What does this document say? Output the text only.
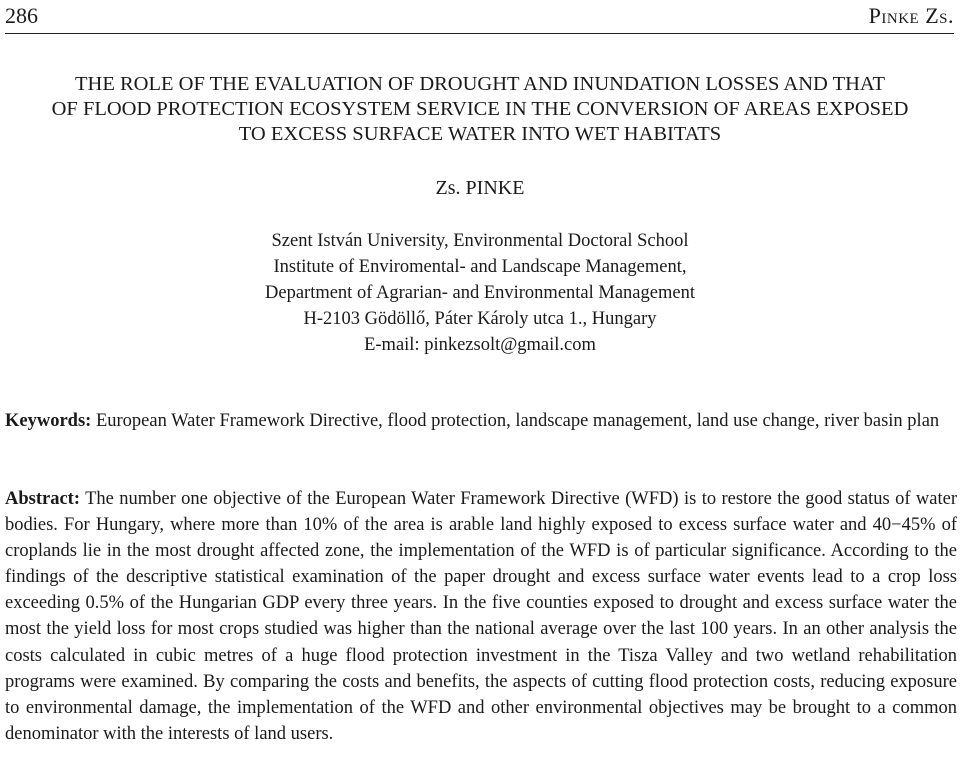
286	Pinke Zs.
THE ROLE OF THE EVALUATION OF DROUGHT AND INUNDATION LOSSES AND THAT
OF FLOOD PROTECTION ECOSYSTEM SERVICE IN THE CONVERSION OF AREAS EXPOSED
TO EXCESS SURFACE WATER INTO WET HABITATS
Zs. PINKE
Szent István University, Environmental Doctoral School
Institute of Enviromental- and Landscape Management,
Department of Agrarian- and Environmental Management
H-2103 Gödöllő, Páter Károly utca 1., Hungary
E-mail: pinkezsolt@gmail.com

Keywords: European Water Framework Directive, flood protection, landscape management, land use change, river basin plan

Abstract: The number one objective of the European Water Framework Directive (WFD) is to restore the good status of water bodies. For Hungary, where more than 10% of the area is arable land highly exposed to excess surface water and 40−45% of croplands lie in the most drought affected zone, the implementation of the WFD is of particular significance. According to the findings of the descriptive statistical examination of the paper drought and excess surface water events lead to a crop loss exceeding 0.5% of the Hungarian GDP every three years. In the five counties exposed to drought and excess surface water the most the yield loss for most crops studied was higher than the national average over the last 100 years. In an other analysis the costs calculated in cubic metres of a huge flood protection investment in the Tisza Valley and two wetland rehabilitation programs were examined. By comparing the costs and benefits, the aspects of cutting flood protection costs, reducing exposure to environmental damage, the implementation of the WFD and other environmental objectives may be brought to a common denominator with the interests of land users.
